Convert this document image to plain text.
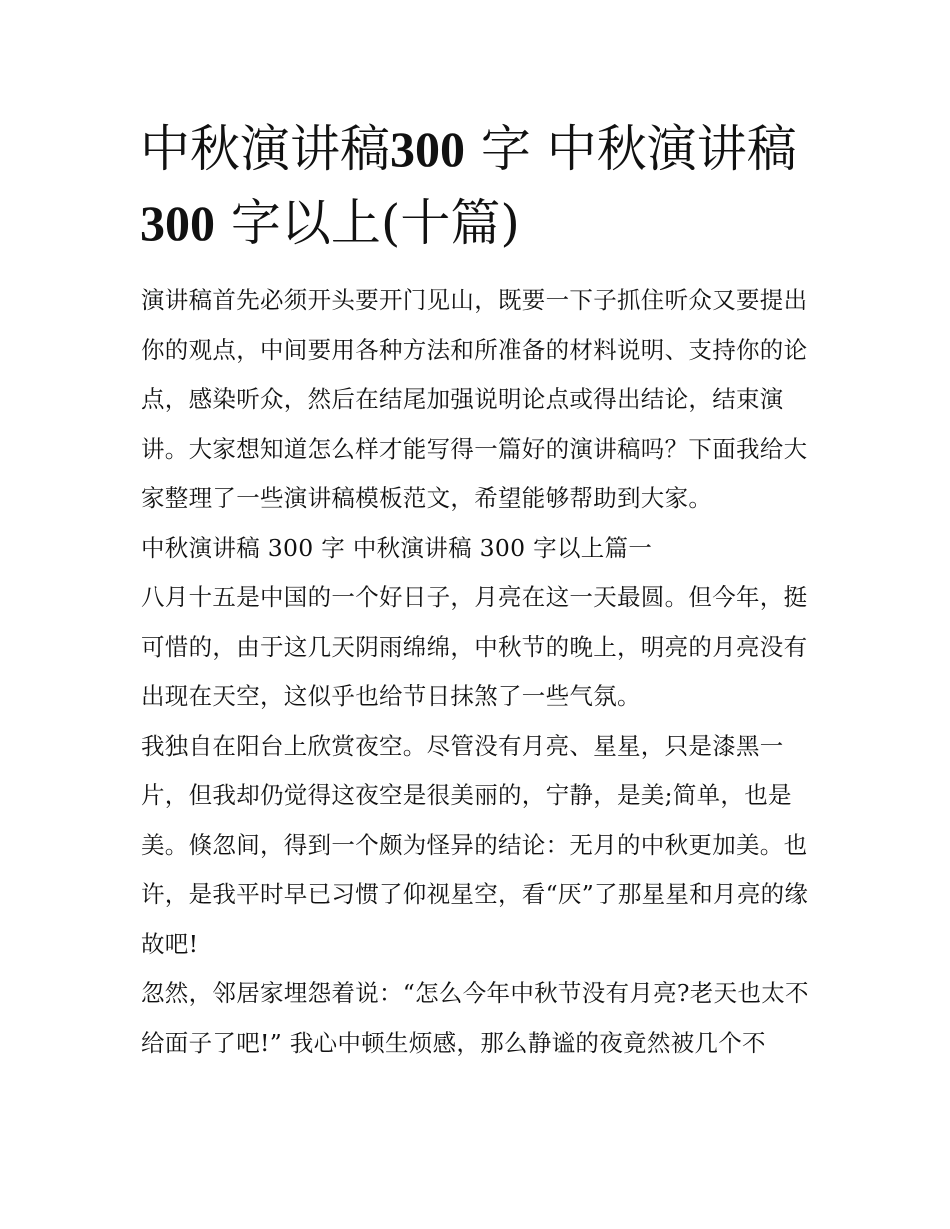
中秋演讲稿300 字 中秋演讲稿
300 字以上(十篇)

演讲稿首先必须开头要开门见山，既要一下子抓住听众又要提出你的观点，中间要用各种方法和所准备的材料说明、支持你的论点，感染听众，然后在结尾加强说明论点或得出结论，结束演讲。大家想知道怎么样才能写得一篇好的演讲稿吗？下面我给大家整理了一些演讲稿模板范文，希望能够帮助到大家。

中秋演讲稿 300 字 中秋演讲稿 300 字以上篇一

八月十五是中国的一个好日子，月亮在这一天最圆。但今年，挺可惜的，由于这几天阴雨绵绵，中秋节的晚上，明亮的月亮没有出现在天空，这似乎也给节日抹煞了一些气氛。

我独自在阳台上欣赏夜空。尽管没有月亮、星星，只是漆黑一片，但我却仍觉得这夜空是很美丽的，宁静，是美;简单，也是美。倏忽间，得到一个颇为怪异的结论：无月的中秋更加美。也许，是我平时早已习惯了仰视星空，看“厌”了那星星和月亮的缘故吧!

忽然，邻居家埋怨着说：“怎么今年中秋节没有月亮?老天也太不给面子了吧!” 我心中顿生烦感，那么静谧的夜竟然被几个不
